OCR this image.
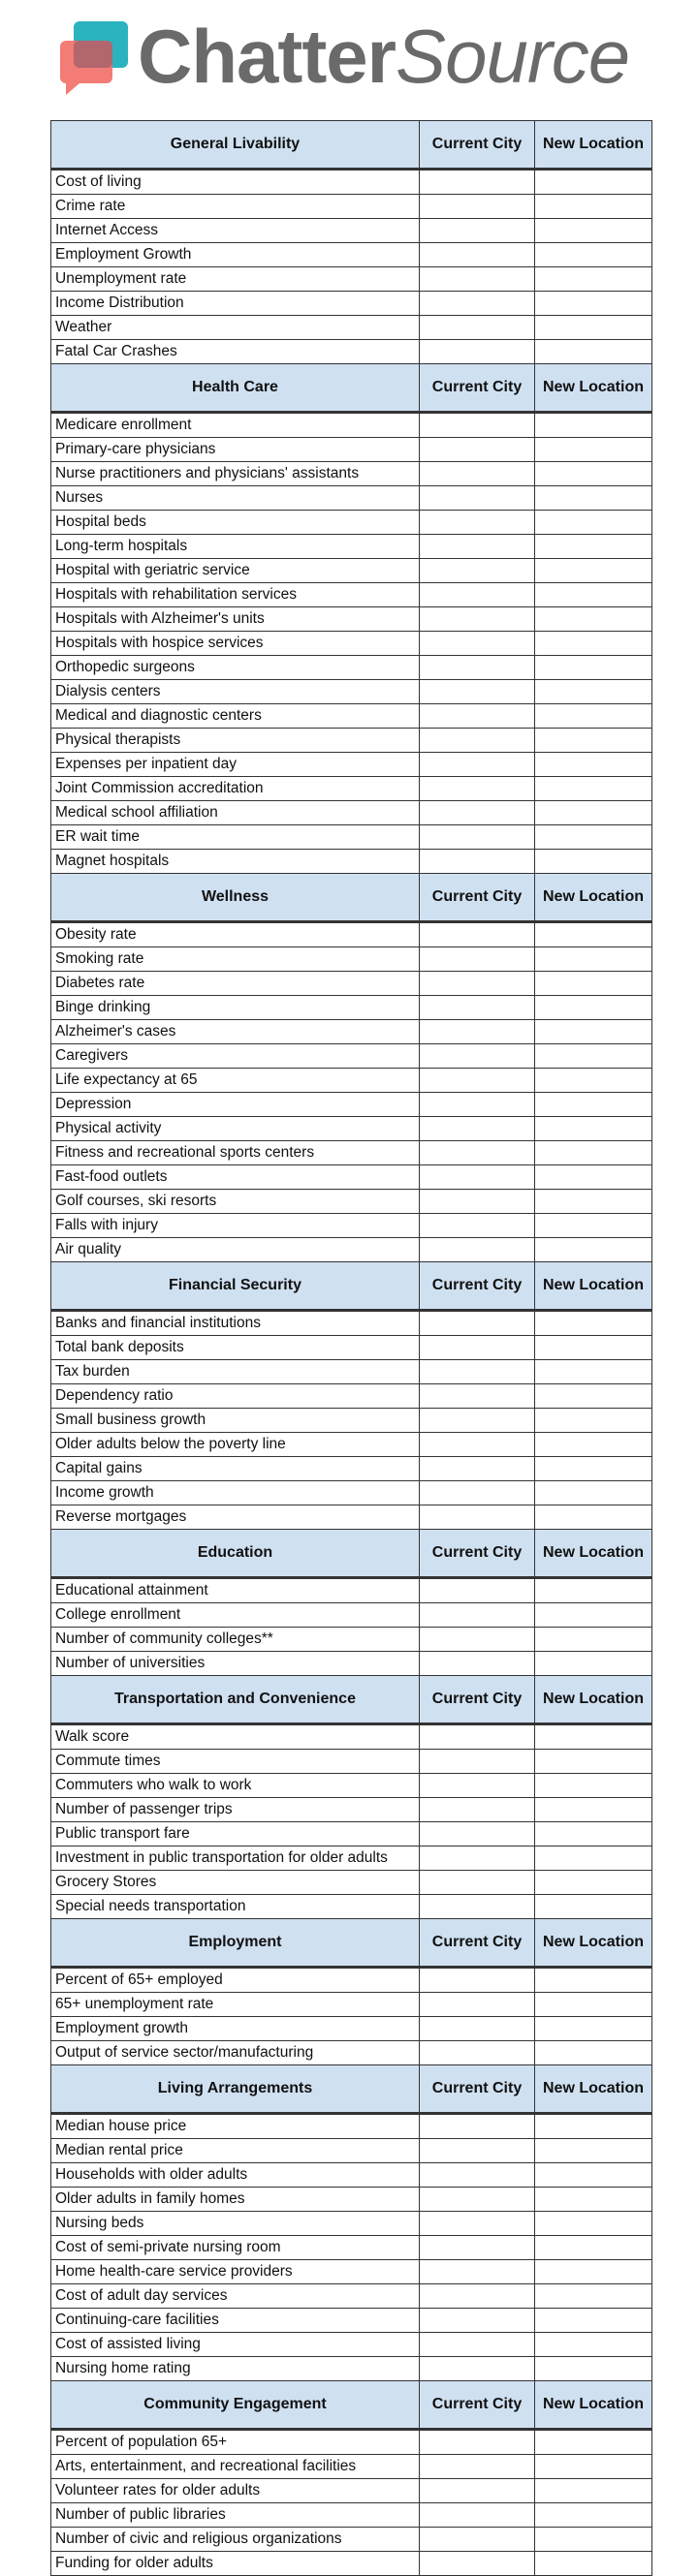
ChatterSource
General Livability	Current City	New Location
Cost of living		
Crime rate		
Internet Access		
Employment Growth		
Unemployment rate		
Income Distribution		
Weather		
Fatal Car Crashes		
Health Care	Current City	New Location
Medicare enrollment		
Primary-care physicians		
Nurse practitioners and physicians' assistants		
Nurses		
Hospital beds		
Long-term hospitals		
Hospital with geriatric service		
Hospitals with rehabilitation services		
Hospitals with Alzheimer's units		
Hospitals with hospice services		
Orthopedic surgeons		
Dialysis centers		
Medical and diagnostic centers		
Physical therapists		
Expenses per inpatient day		
Joint Commission accreditation		
Medical school affiliation		
ER wait time		
Magnet hospitals		
Wellness	Current City	New Location
Obesity rate		
Smoking rate		
Diabetes rate		
Binge drinking		
Alzheimer's cases		
Caregivers		
Life expectancy at 65		
Depression		
Physical activity		
Fitness and recreational sports centers		
Fast-food outlets		
Golf courses, ski resorts		
Falls with injury		
Air quality		
Financial Security	Current City	New Location
Banks and financial institutions		
Total bank deposits		
Tax burden		
Dependency ratio		
Small business growth		
Older adults below the poverty line		
Capital gains		
Income growth		
Reverse mortgages		
Education	Current City	New Location
Educational attainment		
College enrollment		
Number of community colleges**		
Number of universities		
Transportation and Convenience	Current City	New Location
Walk score		
Commute times		
Commuters who walk to work		
Number of passenger trips		
Public transport fare		
Investment in public transportation for older adults		
Grocery Stores		
Special needs transportation		
Employment	Current City	New Location
Percent of 65+ employed		
65+ unemployment rate		
Employment growth		
Output of service sector/manufacturing		
Living Arrangements	Current City	New Location
Median house price		
Median rental price		
Households with older adults		
Older adults in family homes		
Nursing beds		
Cost of semi-private nursing room		
Home health-care service providers		
Cost of adult day services		
Continuing-care facilities		
Cost of assisted living		
Nursing home rating		
Community Engagement	Current City	New Location
Percent of population 65+		
Arts, entertainment, and recreational facilities		
Volunteer rates for older adults		
Number of public libraries		
Number of civic and religious organizations		
Funding for older adults		
